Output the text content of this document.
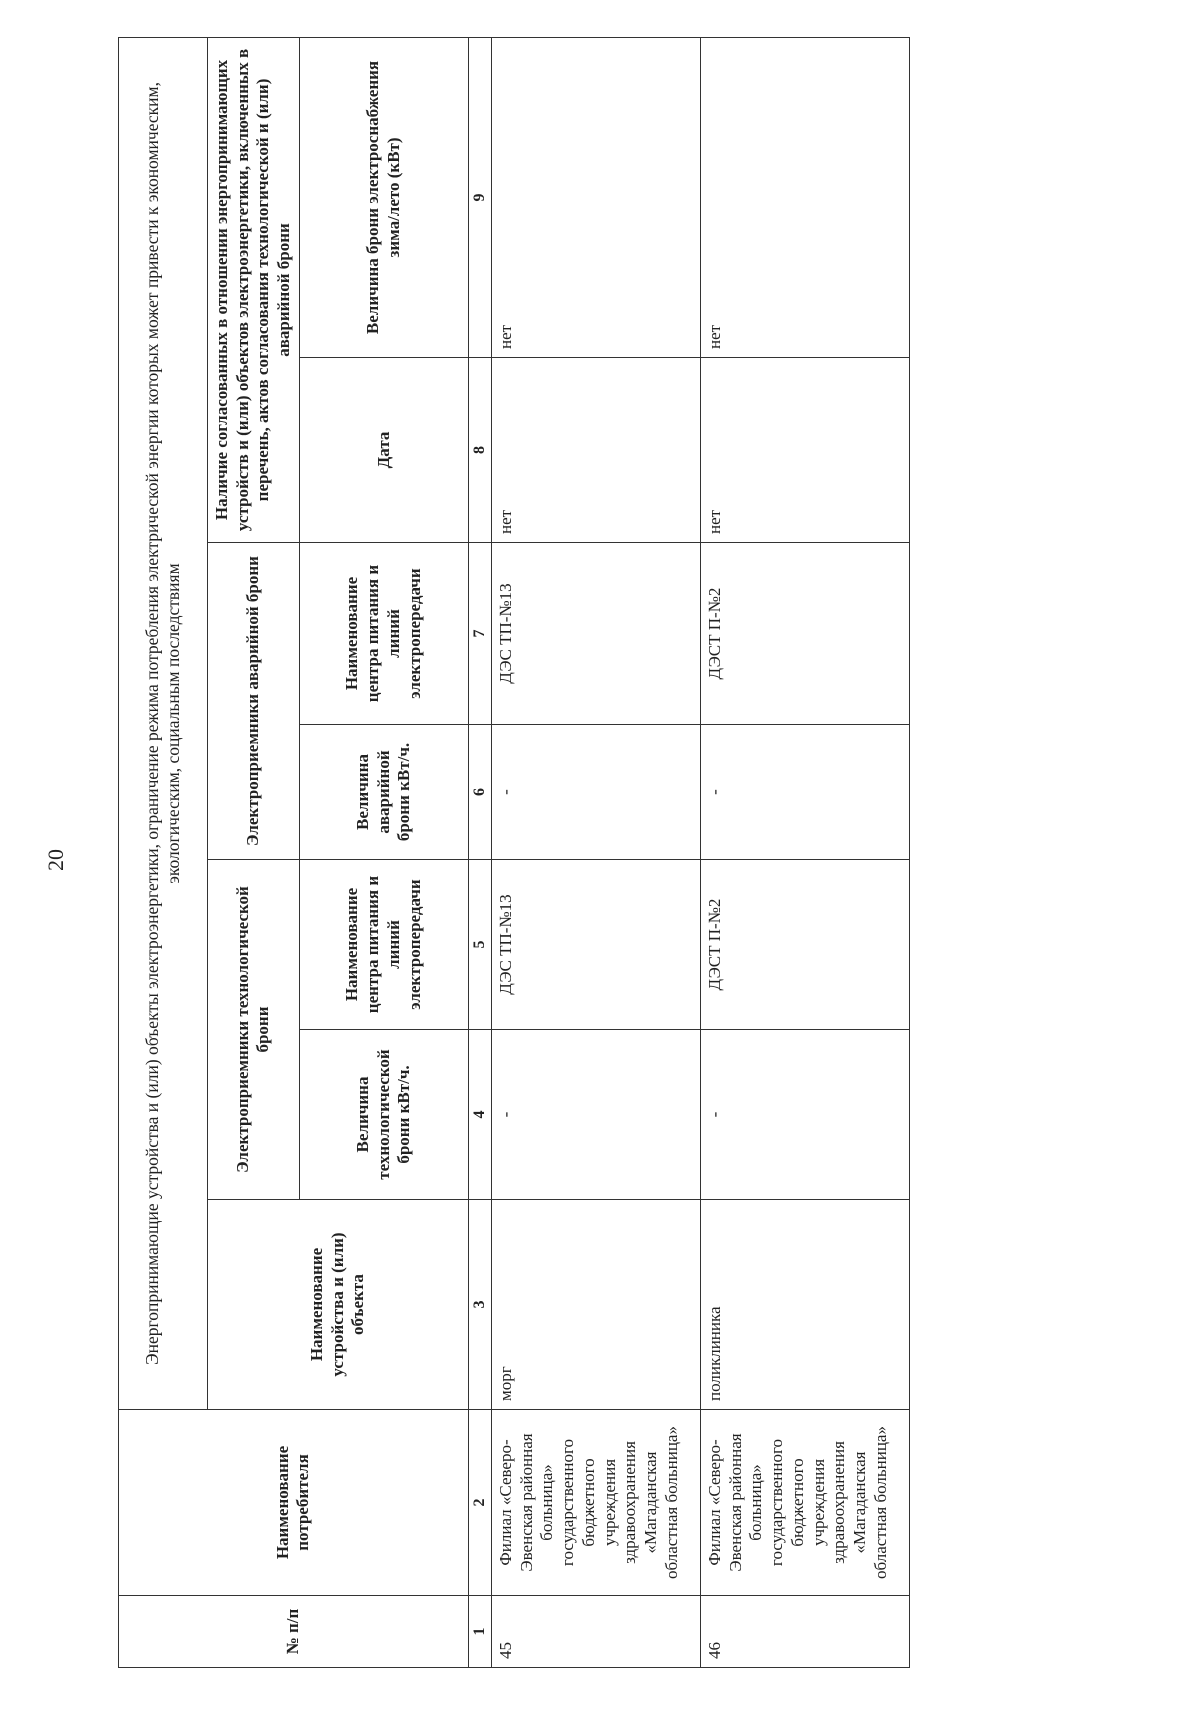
20
№ п/п	Наименование потребителя	Энергопринимающие устройства и (или) объекты электроэнергетики, ограничение режима потребления электрической энергии которых может привести к экономическим, экологическим, социальным последствиям						
		Наименование устройства и (или) объекта	Электроприемники технологической брони		Электроприемники аварийной брони		Наличие согласованных в отношении энергопринимающих устройств и (или) объектов электроэнергетики, включенных в перечень, актов согласования технологической и (или) аварийной брони	
			Величина технологической брони кВт/ч.	Наименование центра питания и линий электропередачи	Величина аварийной брони кВт/ч.	Наименование центра питания и линий электропередачи	Дата	Величина брони электроснабжения зима/лето (кВт)
1	2	3	4	5	6	7	8	9
45	Филиал «Северо-Эвенская районная больница» государственного бюджетного учреждения здравоохранения «Магаданская областная больница»	морг	-	ДЭС ТП-№13	-	ДЭС ТП-№13	нет	нет
46	Филиал «Северо-Эвенская районная больница» государственного бюджетного учреждения здравоохранения «Магаданская областная больница»	поликлиника	-	ДЭСТ П-№2	-	ДЭСТ П-№2	нет	нет
